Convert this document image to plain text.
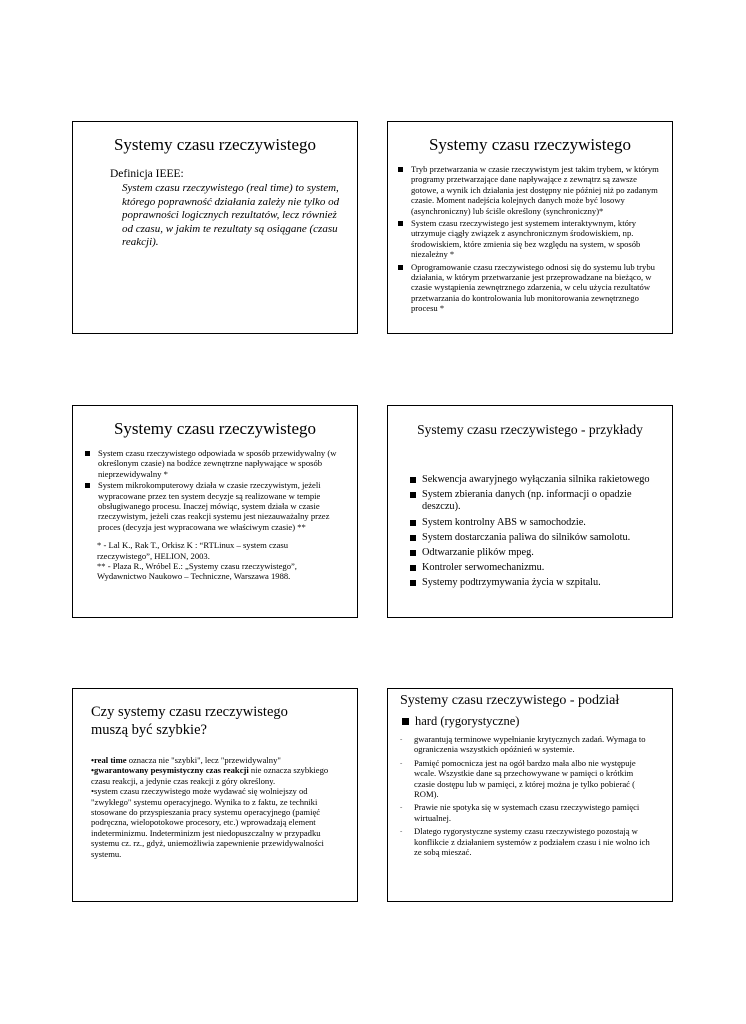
Systemy czasu rzeczywistego
Definicja IEEE:
System czasu rzeczywistego (real time) to system, którego poprawność działania zależy nie tylko od poprawności logicznych rezultatów, lecz również od czasu, w jakim te rezultaty są osiągane (czasu reakcji).
Systemy czasu rzeczywistego
Tryb przetwarzania w czasie rzeczywistym jest takim trybem, w którym programy przetwarzające dane napływające z zewnątrz są zawsze gotowe, a wynik ich działania jest dostępny nie później niż po zadanym czasie. Moment nadejścia kolejnych danych może być losowy (asynchroniczny) lub ściśle określony (synchroniczny)*
System czasu rzeczywistego jest systemem interaktywnym, który utrzymuje ciągły związek z asynchronicznym środowiskiem, np. środowiskiem, które zmienia się bez względu na system, w sposób niezależny *
Oprogramowanie czasu rzeczywistego odnosi się do systemu lub trybu działania, w którym przetwarzanie jest przeprowadzane na bieżąco, w czasie wystąpienia zewnętrznego zdarzenia, w celu użycia rezultatów przetwarzania do kontrolowania lub monitorowania zewnętrznego procesu *
Systemy czasu rzeczywistego
System czasu rzeczywistego odpowiada w sposób przewidywalny (w określonym czasie) na bodźce zewnętrzne napływające w sposób nieprzewidywalny *
System mikrokomputerowy działa w czasie rzeczywistym, jeżeli wypracowane przez ten system decyzje są realizowane w tempie obsługiwanego procesu. Inaczej mówiąc, system działa w czasie rzeczywistym, jeżeli czas reakcji systemu jest niezauważalny przez proces (decyzja jest wypracowana we właściwym czasie) **

* - Lal K., Rak T., Orkisz K : “RTLinux – system czasu rzeczywistego”, HELION, 2003.

** - Plaza R., Wróbel E.: „Systemy czasu rzeczywistego”, Wydawnictwo Naukowo – Techniczne, Warszawa 1988.

Systemy czasu rzeczywistego - przykłady
Sekwencja awaryjnego wyłączania silnika rakietowego
System zbierania danych (np. informacji o opadzie deszczu).
System kontrolny ABS w samochodzie.
System dostarczania paliwa do silników samolotu.
Odtwarzanie plików mpeg.
Kontroler serwomechanizmu.
Systemy podtrzymywania życia w szpitalu.
Czy systemy czasu rzeczywistego
muszą być szybkie?

•real time oznacza nie "szybki", lecz "przewidywalny"

•gwarantowany pesymistyczny czas reakcji nie oznacza szybkiego czasu reakcji, a jedynie czas reakcji z góry określony.

•system czasu rzeczywistego może wydawać się wolniejszy od "zwykłego" systemu operacyjnego. Wynika to z faktu, ze techniki stosowane do przyspieszania pracy systemu operacyjnego (pamięć podręczna, wielopotokowe procesory, etc.) wprowadzają element indeterminizmu. Indeterminizm jest niedopuszczalny w przypadku systemu cz. rz., gdyż, uniemożliwia zapewnienie przewidywalności systemu.

Systemy czasu rzeczywistego - podział
hard (rygorystyczne)
-	gwarantują terminowe wypełnianie krytycznych zadań. Wymaga to ograniczenia wszystkich opóźnień w systemie.
-	Pamięć pomocnicza jest na ogół bardzo mała albo nie występuje wcale. Wszystkie dane są przechowywane w pamięci o krótkim czasie dostępu lub w pamięci, z której można je tylko pobierać ( ROM).
-	Prawie nie spotyka się w systemach czasu rzeczywistego pamięci wirtualnej.
-	Dlatego rygorystyczne systemy czasu rzeczywistego pozostają w konflikcie z działaniem systemów z podziałem czasu i nie wolno ich ze sobą mieszać.
